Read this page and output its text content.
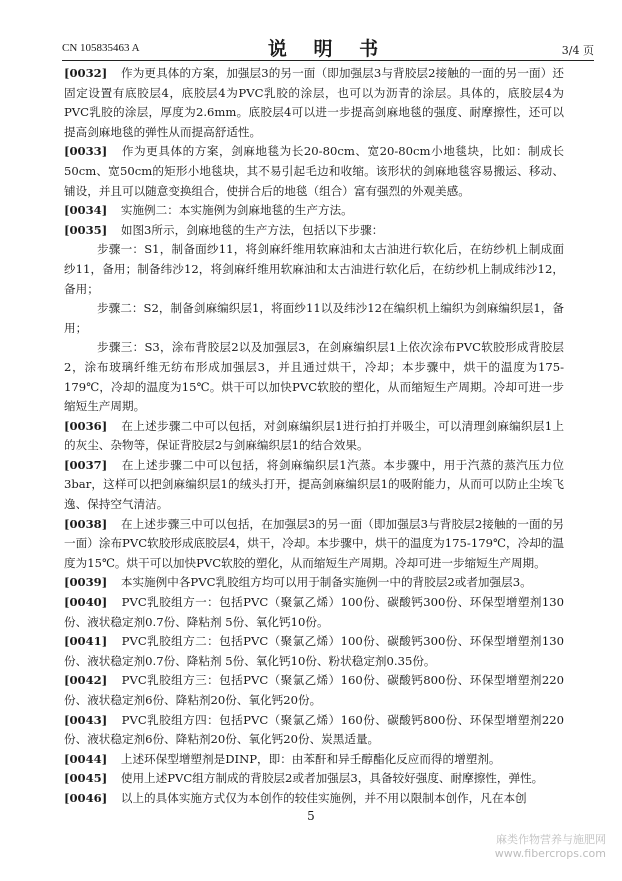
CN 105835463 A	说 明 书	3/4 页

[0032]　 作为更具体的方案，加强层3的另一面（即加强层3与背胶层2接触的一面的另一面）还固定设置有底胶层4，底胶层4为PVC乳胶的涂层，也可以为沥青的涂层。具体的，底胶层4为PVC乳胶的涂层，厚度为2.6mm。底胶层4可以进一步提高剑麻地毯的强度、耐摩擦性，还可以提高剑麻地毯的弹性从而提高舒适性。

[0033]　 作为更具体的方案，剑麻地毯为长20-80cm、宽20-80cm小地毯块，比如：制成长50cm、宽50cm的矩形小地毯块，其不易引起毛边和收缩。该形状的剑麻地毯容易搬运、移动、铺设，并且可以随意变换组合，使拼合后的地毯（组合）富有强烈的外观美感。

[0034]　 实施例二：本实施例为剑麻地毯的生产方法。

[0035]　 如图3所示，剑麻地毯的生产方法，包括以下步骤：

步骤一：S1，制备面纱11，将剑麻纤维用软麻油和太古油进行软化后，在纺纱机上制成面纱11，备用；制备纬沙12，将剑麻纤维用软麻油和太古油进行软化后，在纺纱机上制成纬沙12，备用；

步骤二：S2，制备剑麻编织层1，将面纱11以及纬沙12在编织机上编织为剑麻编织层1，备用；

步骤三：S3，涂布背胶层2以及加强层3，在剑麻编织层1上依次涂布PVC软胶形成背胶层2，涂布玻璃纤维无纺布形成加强层3，并且通过烘干，冷却；本步骤中，烘干的温度为175-179℃，冷却的温度为15℃。烘干可以加快PVC软胶的塑化，从而缩短生产周期。冷却可进一步缩短生产周期。

[0036]　 在上述步骤二中可以包括，对剑麻编织层1进行拍打并吸尘，可以清理剑麻编织层1上的灰尘、杂物等，保证背胶层2与剑麻编织层1的结合效果。

[0037]　 在上述步骤二中可以包括，将剑麻编织层1汽蒸。本步骤中，用于汽蒸的蒸汽压力位3bar，这样可以把剑麻编织层1的绒头打开，提高剑麻编织层1的吸附能力，从而可以防止尘埃飞逸、保持空气清洁。

[0038]　 在上述步骤三中可以包括，在加强层3的另一面（即加强层3与背胶层2接触的一面的另一面）涂布PVC软胶形成底胶层4，烘干，冷却。本步骤中，烘干的温度为175-179℃，冷却的温度为15℃。烘干可以加快PVC软胶的塑化，从而缩短生产周期。冷却可进一步缩短生产周期。

[0039]　 本实施例中各PVC乳胶组方均可以用于制备实施例一中的背胶层2或者加强层3。

[0040]　 PVC乳胶组方一：包括PVC（聚氯乙烯）100份、碳酸钙300份、环保型增塑剂130份、液状稳定剂0.7份、降粘剂 5份、氧化钙10份。

[0041]　 PVC乳胶组方二：包括PVC（聚氯乙烯）100份、碳酸钙300份、环保型增塑剂130份、液状稳定剂0.7份、降粘剂 5份、氧化钙10份、粉状稳定剂0.35份。

[0042]　 PVC乳胶组方三：包括PVC（聚氯乙烯）160份、碳酸钙800份、环保型增塑剂220份、液状稳定剂6份、降粘剂20份、氧化钙20份。

[0043]　 PVC乳胶组方四：包括PVC（聚氯乙烯）160份、碳酸钙800份、环保型增塑剂220份、液状稳定剂6份、降粘剂20份、氧化钙20份、炭黑适量。

[0044]　 上述环保型增塑剂是DINP，即：由苯酐和异壬醇酯化反应而得的增塑剂。

[0045]　 使用上述PVC组方制成的背胶层2或者加强层3，具备较好强度、耐摩擦性，弹性。

[0046]　 以上的具体实施方式仅为本创作的较佳实施例，并不用以限制本创作，凡在本创

5
麻类作物营养与施肥网
www.fibercrops.com
